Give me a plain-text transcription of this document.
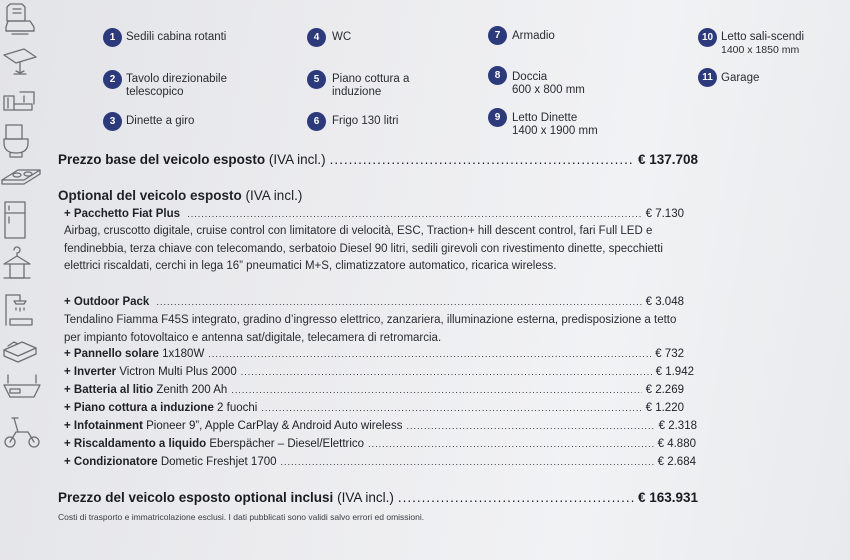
1 Sedili cabina rotanti
2 Tavolo direzionabile
telescopico
3 Dinette a giro
4	WC
5	Piano cottura a
induzione
6	Frigo 130 litri
7	Armadio
8	Doccia
600 x 800 mm
9	Letto Dinette
1400 x 1900 mm
10 Letto sali-scendi
1400 x 1850 mm
11 Garage
Prezzo base del veicolo esposto
(IVA incl.) .....	€ 137.708
Optional del veicolo esposto (IVA incl.)
+ Pacchetto Fiat Plus
.....	€ 7.130
Airbag, cruscotto digitale, cruise control con limitatore di velocità, ESC, Traction+ hill descent control, fari Full LED e fendinebbia, terza chiave con telecomando, serbatoio Diesel 90 litri, sedili girevoli con rivestimento dinette, specchietti elettrici riscaldati, cerchi in lega 16” pneumatici M+S, climatizzatore automatico, ricarica wireless.
+ Outdoor Pack
.....	€ 3.048
Tendalino Fiamma F45S integrato, gradino d’ingresso elettrico, zanzariera, illuminazione esterna, predisposizione a tetto per impianto fotovoltaico e antenna sat/digitale, telecamera di retromarcia.
+ Pannello solare
1x180W .....	€ 732
+ Inverter
Victron Multi Plus 2000 .....	€ 1.942
+ Batteria al litio
Zenith 200 Ah .....	€ 2.269
+ Piano cottura a induzione
2 fuochi .....	€ 1.220
+ Infotainment
Pioneer 9”, Apple CarPlay & Android Auto wireless .....	€ 2.318
+ Riscaldamento a liquido
Eberspächer – Diesel/Elettrico .....	€ 4.880
+ Condizionatore
Dometic Freshjet 1700 .....	€ 2.684
Prezzo del veicolo esposto optional inclusi
(IVA incl.) .....	€ 163.931
Costi di trasporto e immatricolazione esclusi. I dati pubblicati sono validi salvo errori ed omissioni.
